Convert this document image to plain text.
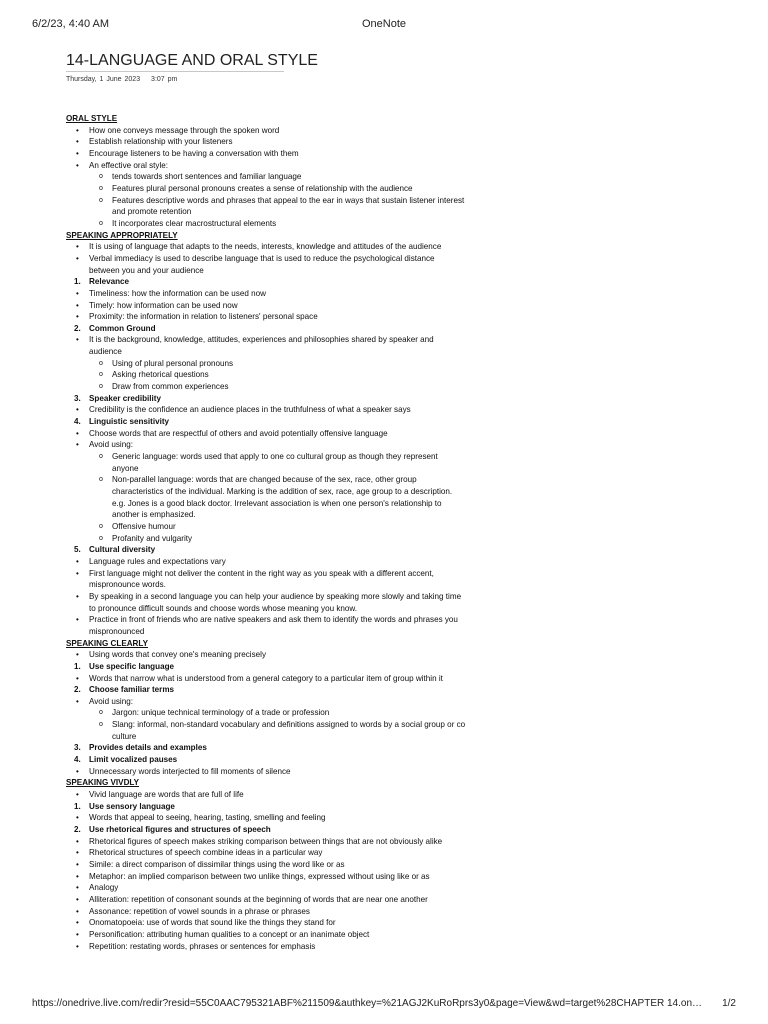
6/2/23, 4:40 AM	OneNote
14-LANGUAGE AND ORAL STYLE
Thursday, 1 June 2023 3:07 pm
ORAL STYLE
• How one conveys message through the spoken word
• Establish relationship with your listeners
• Encourage listeners to be having a conversation with them
• An effective oral style:
o tends towards short sentences and familiar language
o Features plural personal pronouns creates a sense of relationship with the audience
o Features descriptive words and phrases that appeal to the ear in ways that sustain listener interest and promote retention
o It incorporates clear macrostructural elements
SPEAKING APPROPRIATELY
• It is using of language that adapts to the needs, interests, knowledge and attitudes of the audience
• Verbal immediacy is used to describe language that is used to reduce the psychological distance between you and your audience
1. Relevance
• Timeliness: how the information can be used now
• Timely: how information can be used now
• Proximity: the information in relation to listeners' personal space
2. Common Ground
• It is the background, knowledge, attitudes, experiences and philosophies shared by speaker and audience
o Using of plural personal pronouns
o Asking rhetorical questions
o Draw from common experiences
3. Speaker credibility
• Credibility is the confidence an audience places in the truthfulness of what a speaker says
4. Linguistic sensitivity
• Choose words that are respectful of others and avoid potentially offensive language
• Avoid using:
o Generic language: words used that apply to one co cultural group as though they represent anyone
o Non-parallel language: words that are changed because of the sex, race, other group characteristics of the individual. Marking is the addition of sex, race, age group to a description. e.g. Jones is a good black doctor. Irrelevant association is when one person's relationship to another is emphasized.
o Offensive humour
o Profanity and vulgarity
5. Cultural diversity
• Language rules and expectations vary
• First language might not deliver the content in the right way as you speak with a different accent, mispronounce words.
• By speaking in a second language you can help your audience by speaking more slowly and taking time to pronounce difficult sounds and choose words whose meaning you know.
• Practice in front of friends who are native speakers and ask them to identify the words and phrases you mispronounced
SPEAKING CLEARLY
• Using words that convey one's meaning precisely
1. Use specific language
• Words that narrow what is understood from a general category to a particular item of group within it
2. Choose familiar terms
• Avoid using:
o Jargon: unique technical terminology of a trade or profession
o Slang: informal, non-standard vocabulary and definitions assigned to words by a social group or co culture
3. Provides details and examples
4. Limit vocalized pauses
• Unnecessary words interjected to fill moments of silence
SPEAKING VIVDLY
• Vivid language are words that are full of life
1. Use sensory language
• Words that appeal to seeing, hearing, tasting, smelling and feeling
2. Use rhetorical figures and structures of speech
• Rhetorical figures of speech makes striking comparison between things that are not obviously alike
• Rhetorical structures of speech combine ideas in a particular way
• Simile: a direct comparison of dissimilar things using the word like or as
• Metaphor: an implied comparison between two unlike things, expressed without using like or as
• Analogy
• Alliteration: repetition of consonant sounds at the beginning of words that are near one another
• Assonance: repetition of vowel sounds in a phrase or phrases
• Onomatopoeia: use of words that sound like the things they stand for
• Personification: attributing human qualities to a concept or an inanimate object
• Repetition: restating words, phrases or sentences for emphasis
https://onedrive.live.com/redir?resid=55C0AAC795321ABF%211509&authkey=%21AGJ2KuRoRprs3y0&page=View&wd=target%28CHAPTER 14.on…	1/2
